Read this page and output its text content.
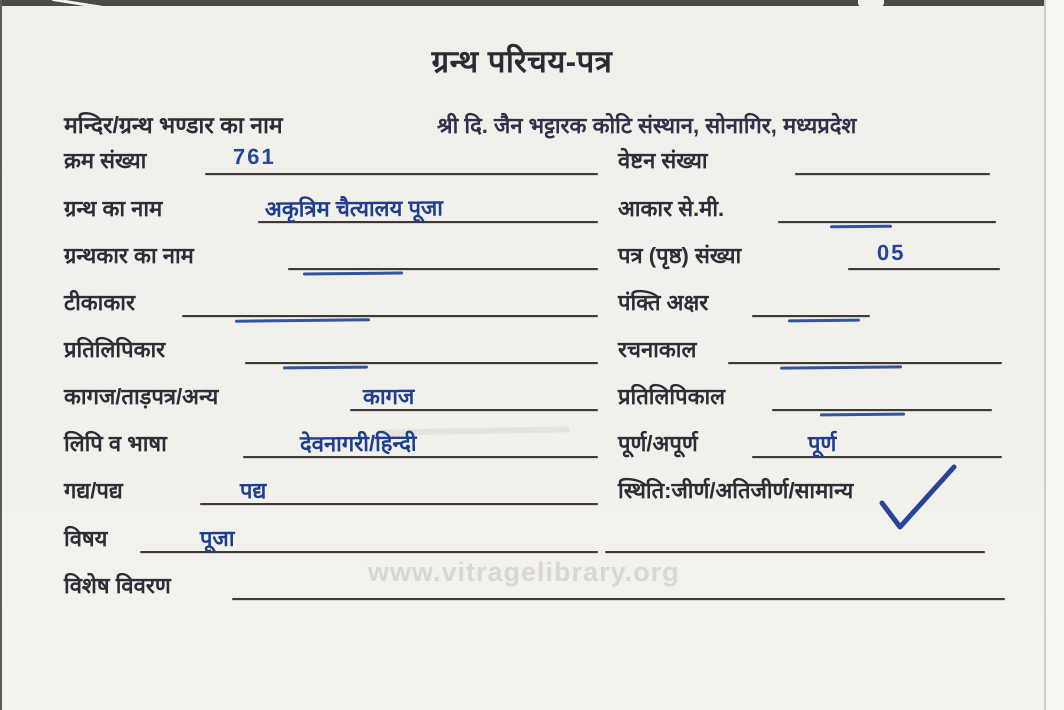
ग्रन्थ परिचय-पत्र
मन्दिर/ग्रन्थ भण्डार का नाम	श्री दि. जैन भट्टारक कोटि संस्थान, सोनागिर, मध्यप्रदेश
क्रम संख्या	761
ग्रन्थ का नाम	अकृत्रिम चैत्यालय पूजा
ग्रन्थकार का नाम
टीकाकार
प्रतिलिपिकार
कागज/ताड़पत्र/अन्य	कागज
लिपि व भाषा	देवनागरी/हिन्दी
गद्य/पद्य	पद्य
विषय	पूजा
विशेष विवरण
वेष्टन संख्या
आकार से.मी.
पत्र (पृष्ठ) संख्या	05
पंक्ति अक्षर
रचनाकाल
प्रतिलिपिकाल
पूर्ण/अपूर्ण	पूर्ण
स्थिति:जीर्ण/अतिजीर्ण/सामान्य
www.vitragelibrary.org
